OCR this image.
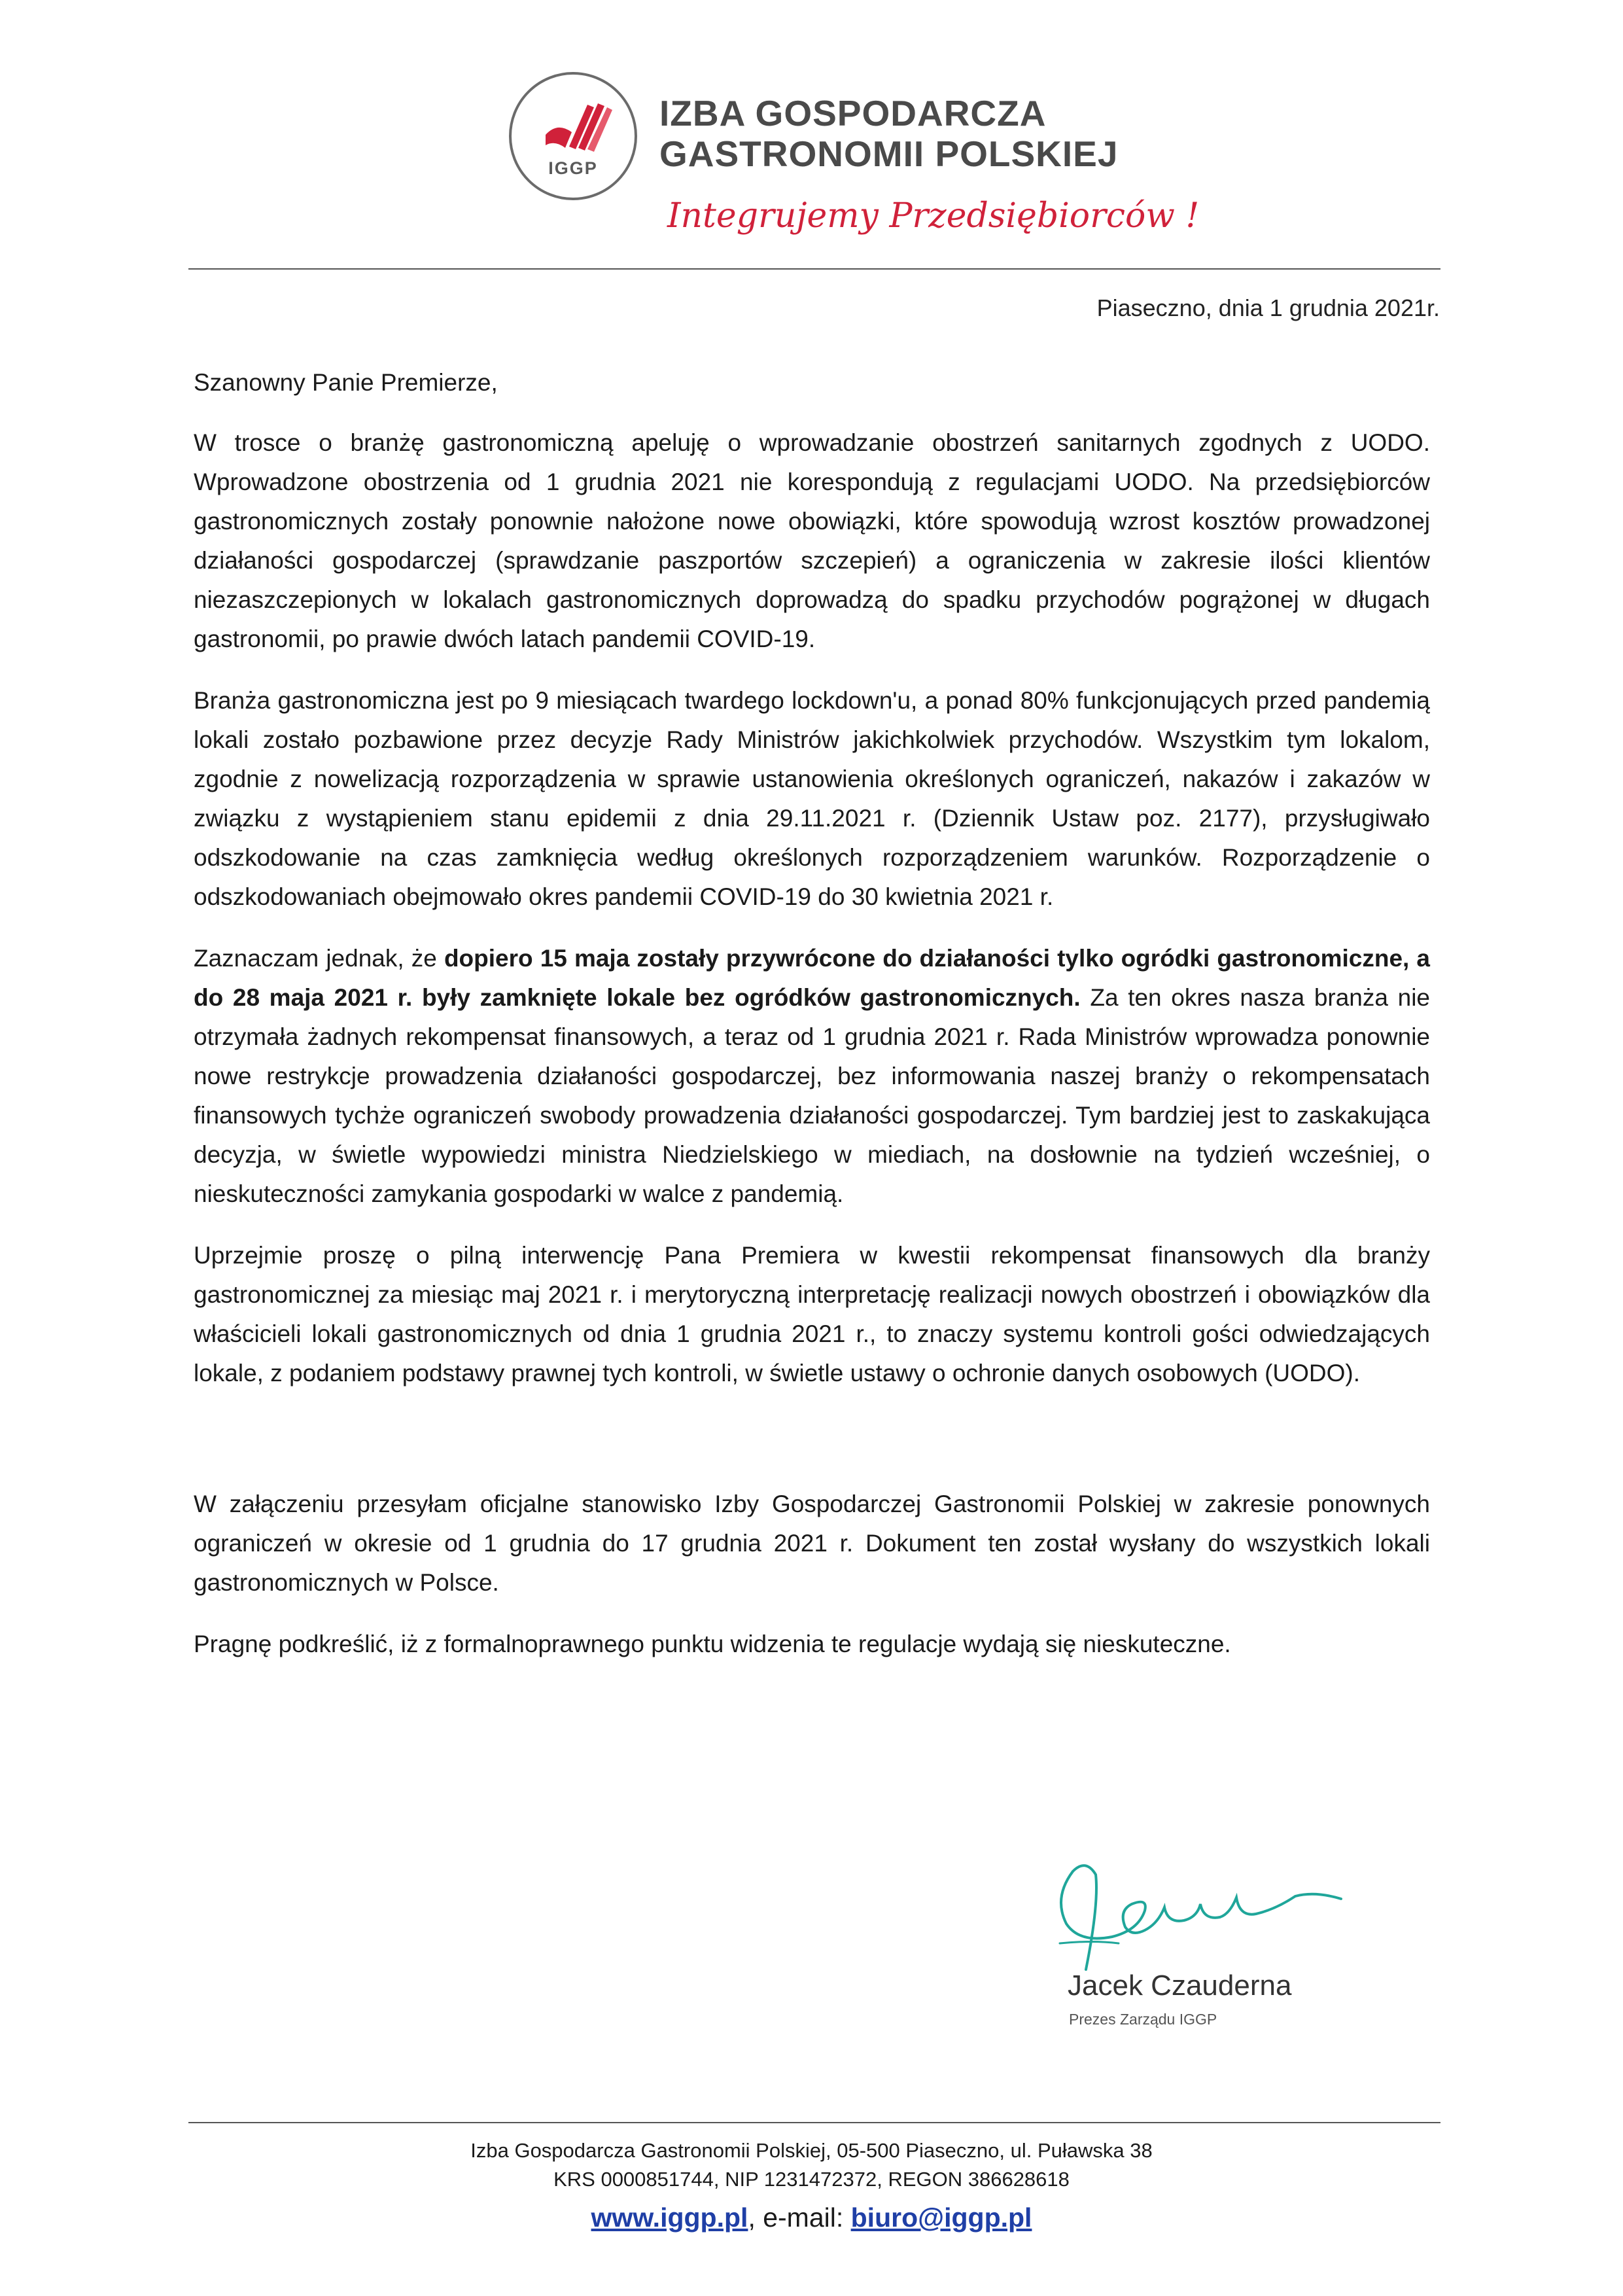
IGGP
IZBA GOSPODARCZA
GASTRONOMII POLSKIEJ
Integrujemy Przedsiębiorców !
Piaseczno, dnia 1 grudnia 2021r.

Szanowny Panie Premierze,

W trosce o branżę gastronomiczną apeluję o wprowadzanie obostrzeń sanitarnych zgodnych z UODO. Wprowadzone obostrzenia od 1 grudnia 2021 nie korespondują z regulacjami UODO. Na przedsiębiorców gastronomicznych zostały ponownie nałożone nowe obowiązki, które spowodują wzrost kosztów prowadzonej działaności gospodarczej (sprawdzanie paszportów szczepień) a ograniczenia w zakresie ilości klientów niezaszczepionych w lokalach gastronomicznych doprowadzą do spadku przychodów pogrążonej w długach gastronomii, po prawie dwóch latach pandemii COVID-19.

Branża gastronomiczna jest po 9 miesiącach twardego lockdown'u, a ponad 80% funkcjonujących przed pandemią lokali zostało pozbawione przez decyzje Rady Ministrów jakichkolwiek przychodów. Wszystkim tym lokalom, zgodnie z nowelizacją rozporządzenia w sprawie ustanowienia określonych ograniczeń, nakazów i zakazów w związku z wystąpieniem stanu epidemii z dnia 29.11.2021 r. (Dziennik Ustaw poz. 2177), przysługiwało odszkodowanie na czas zamknięcia według określonych rozporządzeniem warunków. Rozporządzenie o odszkodowaniach obejmowało okres pandemii COVID-19 do 30 kwietnia 2021 r.

Zaznaczam jednak, że dopiero 15 maja zostały przywrócone do działaności tylko ogródki gastronomiczne, a do 28 maja 2021 r. były zamknięte lokale bez ogródków gastronomicznych. Za ten okres nasza branża nie otrzymała żadnych rekompensat finansowych, a teraz od 1 grudnia 2021 r. Rada Ministrów wprowadza ponownie nowe restrykcje prowadzenia działaności gospodarczej, bez informowania naszej branży o rekompensatach finansowych tychże ograniczeń swobody prowadzenia działaności gospodarczej. Tym bardziej jest to zaskakująca decyzja, w świetle wypowiedzi ministra Niedzielskiego w miediach, na dosłownie na tydzień wcześniej, o nieskuteczności zamykania gospodarki w walce z pandemią.

Uprzejmie proszę o pilną interwencję Pana Premiera w kwestii rekompensat finansowych dla branży gastronomicznej za miesiąc maj 2021 r. i merytoryczną interpretację realizacji nowych obostrzeń i obowiązków dla właścicieli lokali gastronomicznych od dnia 1 grudnia 2021 r., to znaczy systemu kontroli gości odwiedzających lokale, z podaniem podstawy prawnej tych kontroli, w świetle ustawy o ochronie danych osobowych (UODO).

W załączeniu przesyłam oficjalne stanowisko Izby Gospodarczej Gastronomii Polskiej w zakresie ponownych ograniczeń w okresie od 1 grudnia do 17 grudnia 2021 r. Dokument ten został wysłany do wszystkich lokali gastronomicznych w Polsce.

Pragnę podkreślić, iż z formalnoprawnego punktu widzenia te regulacje wydają się nieskuteczne.

Jacek Czauderna
Prezes Zarządu IGGP
Izba Gospodarcza Gastronomii Polskiej, 05-500 Piaseczno, ul. Puławska 38
KRS 0000851744, NIP 1231472372, REGON 386628618
www.iggp.pl, e-mail: biuro@iggp.pl
